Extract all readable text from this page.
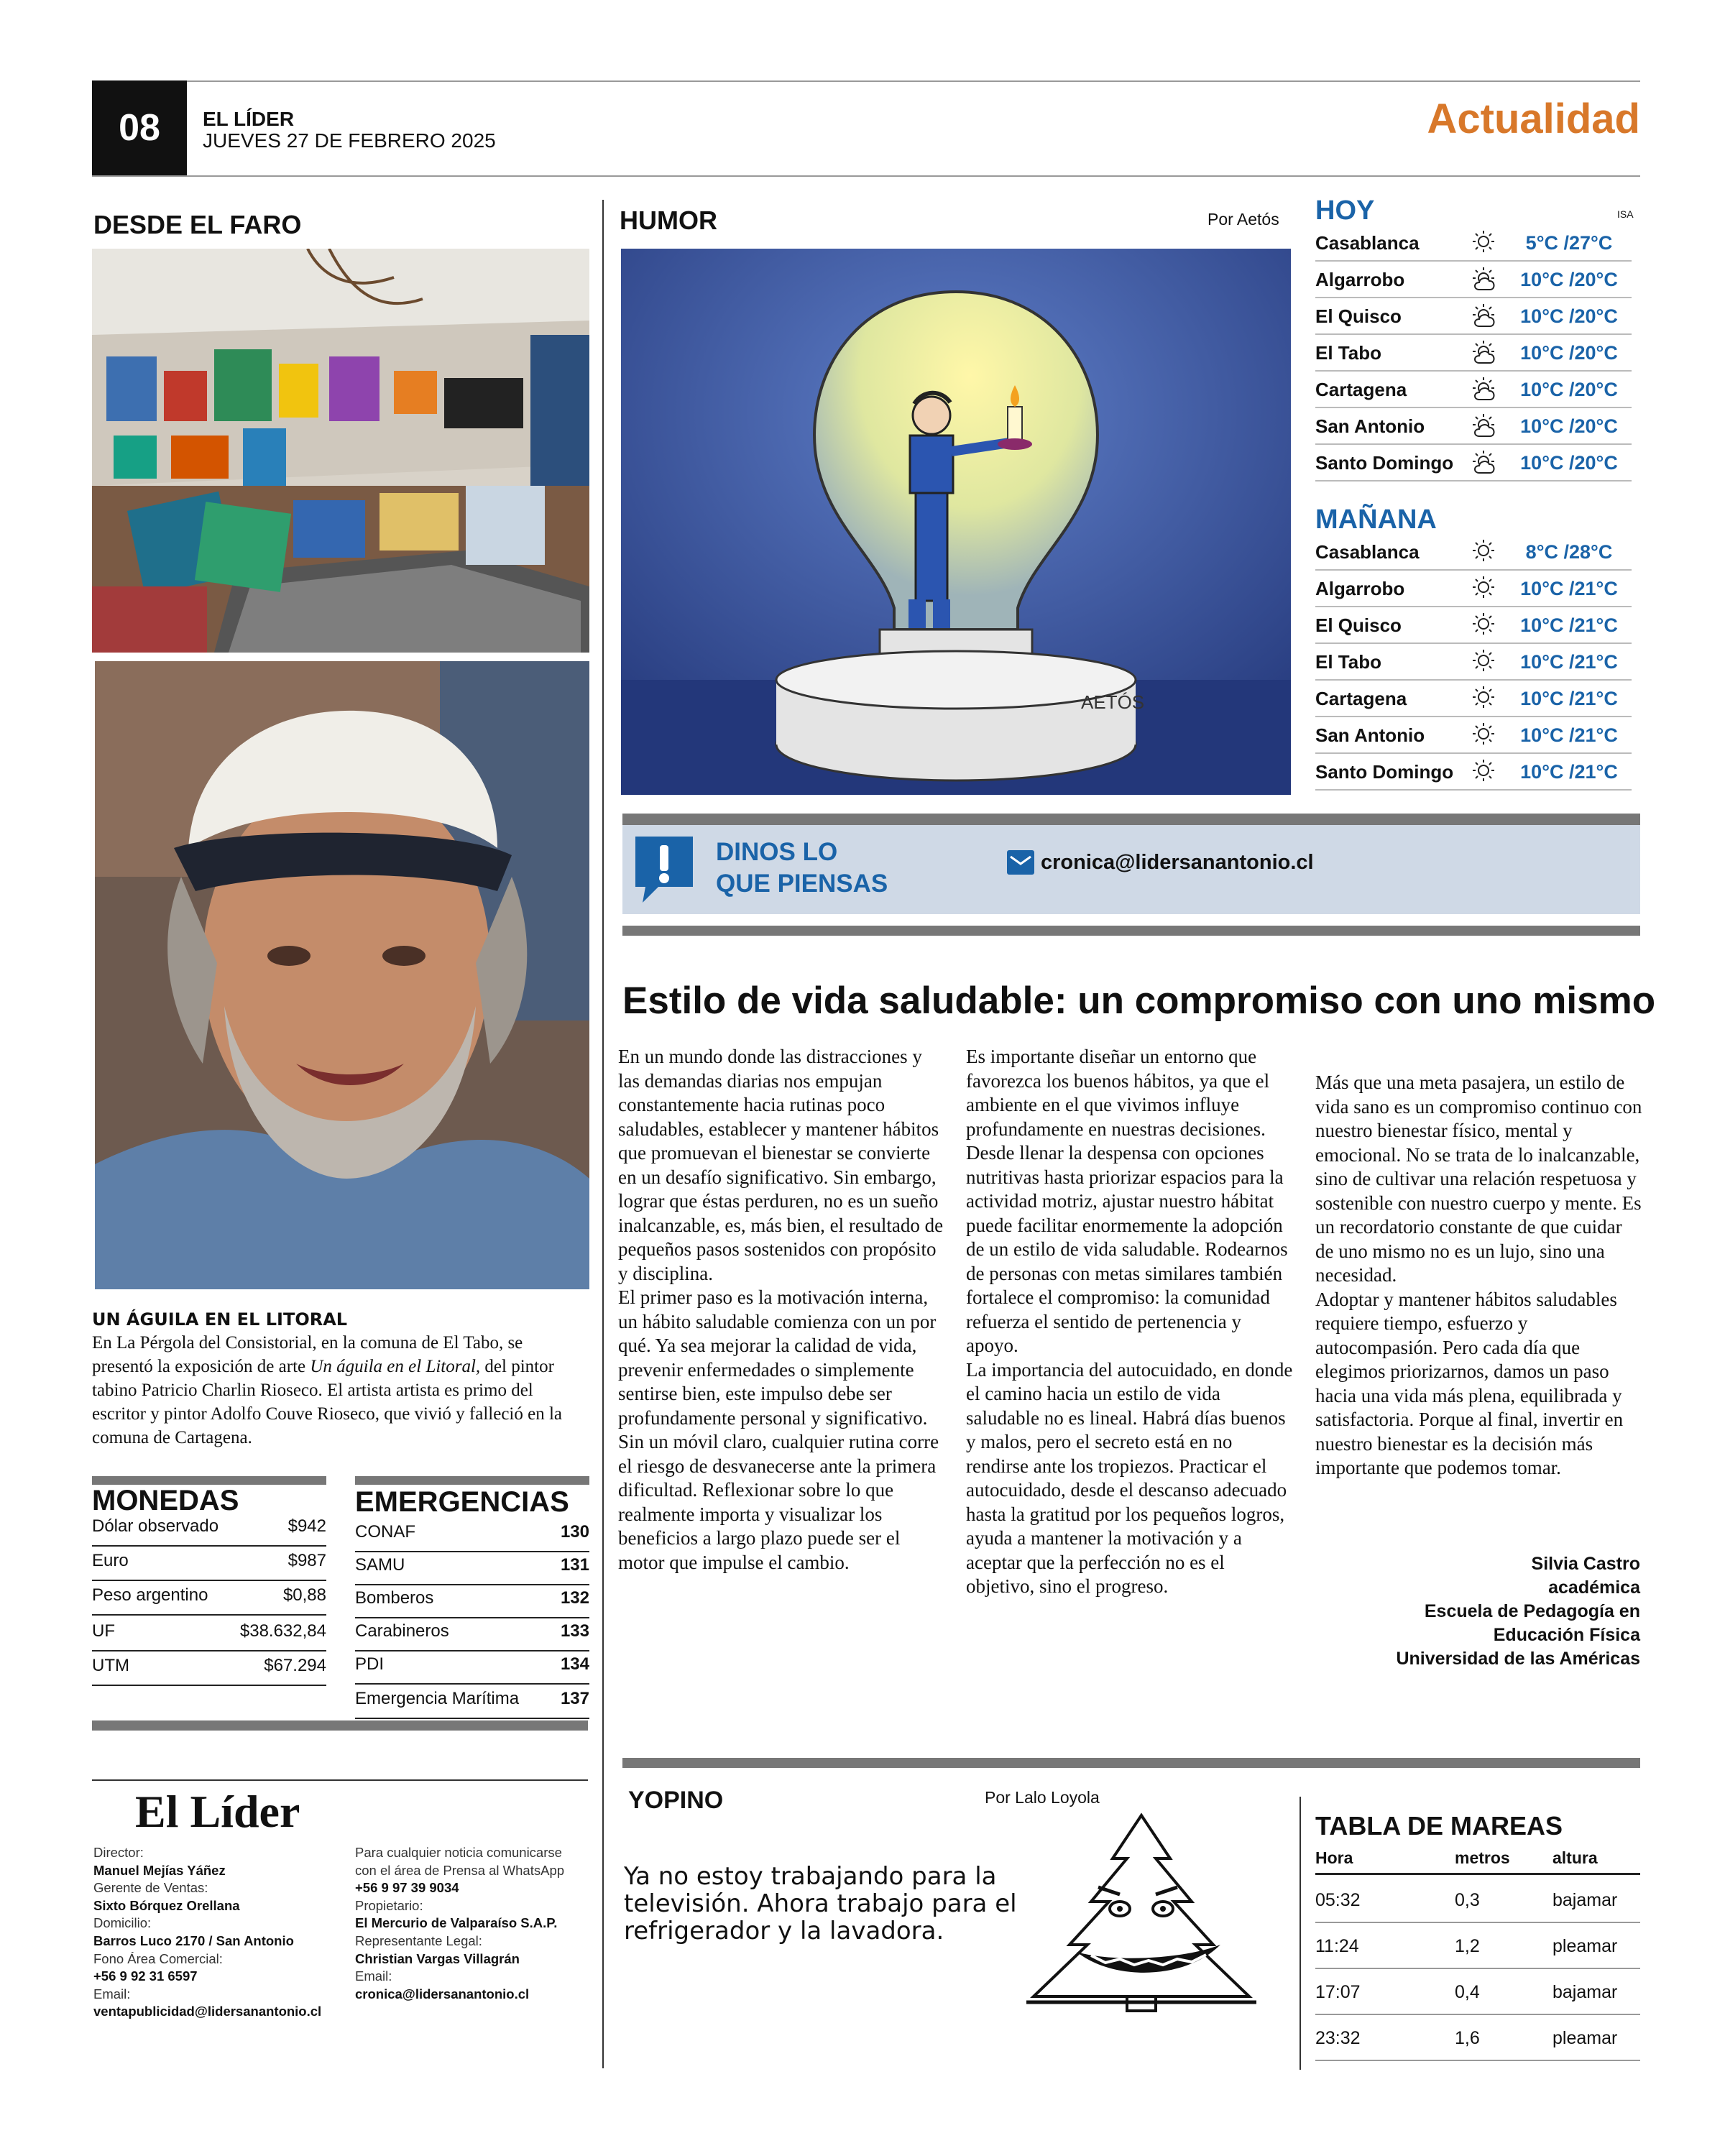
08	EL LÍDER
JUEVES 27 DE FEBRERO 2025	Actualidad
DESDE EL FARO
UN ÁGUILA EN EL LITORAL
En La Pérgola del Consistorial, en la comuna de El Tabo, se presentó la exposición de arte Un águila en el Litoral, del pintor tabino Patricio Charlin Rioseco. El artista artista es primo del escritor y pintor Adolfo Couve Rioseco, que vivió y falleció en la comuna de Cartagena.
MONEDAS
Dólar observado	$942
Euro	$987
Peso argentino	$0,88
UF	$38.632,84
UTM	$67.294
EMERGENCIAS
CONAF	130
SAMU	131
Bomberos	132
Carabineros	133
PDI	134
Emergencia Marítima 137
HUMOR	Por Aetós
AETÓS
HOY	ISA
Casablanca	5°C /27°C
Algarrobo	10°C /20°C
El Quisco	10°C /20°C
El Tabo	10°C /20°C
Cartagena	10°C /20°C
San Antonio	10°C /20°C
Santo Domingo	10°C /20°C
MAÑANA
Casablanca	8°C /28°C
Algarrobo	10°C /21°C
El Quisco	10°C /21°C
El Tabo	10°C /21°C
Cartagena	10°C /21°C
San Antonio	10°C /21°C
Santo Domingo	10°C /21°C
DINOS LO
QUE PIENSAS
cronica@lidersanantonio.cl
Estilo de vida saludable: un compromiso con uno mismo

En un mundo donde las distracciones y las demandas diarias nos empujan constantemente hacia rutinas poco saludables, establecer y mantener hábitos que promuevan el bienestar se convierte en un desafío significativo. Sin embargo, lograr que éstas perduren, no es un sueño inalcanzable, es, más bien, el resultado de pequeños pasos sostenidos con propósito y disciplina.

El primer paso es la motivación interna, un hábito saludable comienza con un por qué. Ya sea mejorar la calidad de vida, prevenir enfermedades o simplemente sentirse bien, este impulso debe ser profundamente personal y significativo. Sin un móvil claro, cualquier rutina corre el riesgo de desvanecerse ante la primera dificultad. Reflexionar sobre lo que realmente importa y visualizar los beneficios a largo plazo puede ser el motor que impulse el cambio.

Es importante diseñar un entorno que favorezca los buenos hábitos, ya que el ambiente en el que vivimos influye profundamente en nuestras decisiones. Desde llenar la despensa con opciones nutritivas hasta priorizar espacios para la actividad motriz, ajustar nuestro hábitat puede facilitar enormemente la adopción de un estilo de vida saludable. Rodearnos de personas con metas similares también fortalece el compromiso: la comunidad refuerza el sentido de pertenencia y apoyo.

La importancia del autocuidado, en donde el camino hacia un estilo de vida saludable no es lineal. Habrá días buenos y malos, pero el secreto está en no rendirse ante los tropiezos. Practicar el autocuidado, desde el descanso adecuado hasta la gratitud por los pequeños logros, ayuda a mantener la motivación y a aceptar que la perfección no es el objetivo, sino el progreso.

Más que una meta pasajera, un estilo de vida sano es un compromiso continuo con nuestro bienestar físico, mental y emocional. No se trata de lo inalcanzable, sino de cultivar una relación respetuosa y sostenible con nuestro cuerpo y mente. Es un recordatorio constante de que cuidar de uno mismo no es un lujo, sino una necesidad.

Adoptar y mantener hábitos saludables requiere tiempo, esfuerzo y autocompasión. Pero cada día que elegimos priorizarnos, damos un paso hacia una vida más plena, equilibrada y satisfactoria. Porque al final, invertir en nuestro bienestar es la decisión más importante que podemos tomar.

Silvia Castro
académica
Escuela de Pedagogía en
Educación Física
Universidad de las Américas
El Líder
Director:
Manuel Mejías Yáñez
Gerente de Ventas:
Sixto Bórquez Orellana
Domicilio:
Barros Luco 2170 / San Antonio
Fono Área Comercial:
+56 9 92 31 6597
Email:
ventapublicidad@lidersanantonio.cl
Para cualquier noticia comunicarse
con el área de Prensa al WhatsApp
+56 9 97 39 9034
Propietario:
El Mercurio de Valparaíso S.A.P.
Representante Legal:
Christian Vargas Villagrán
Email:
cronica@lidersanantonio.cl
YOPINO	Por Lalo Loyola
Ya no estoy trabajando para la
televisión. Ahora trabajo para el
refrigerador y la lavadora.
TABLA DE MAREAS
Hora	metros	altura
05:32	0,3	bajamar
11:24	1,2	pleamar
17:07	0,4	bajamar
23:32	1,6	pleamar
